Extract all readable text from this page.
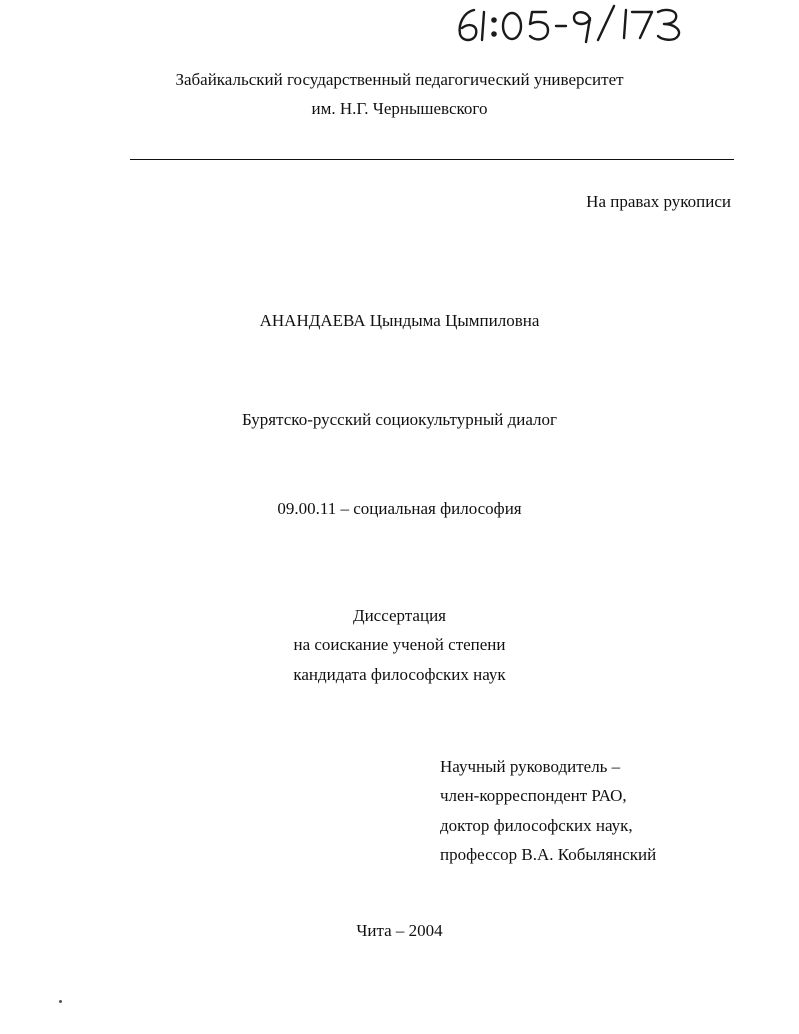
Забайкальский государственный педагогический университет
им. Н.Г. Чернышевского
На правах рукописи
АНАНДАЕВА Цындыма Цымпиловна
Бурятско-русский социокультурный диалог
09.00.11 – социальная философия
Диссертация
на соискание ученой степени
кандидата философских наук
Научный руководитель –
член-корреспондент РАО,
доктор философских наук,
профессор В.А. Кобылянский
Чита – 2004
